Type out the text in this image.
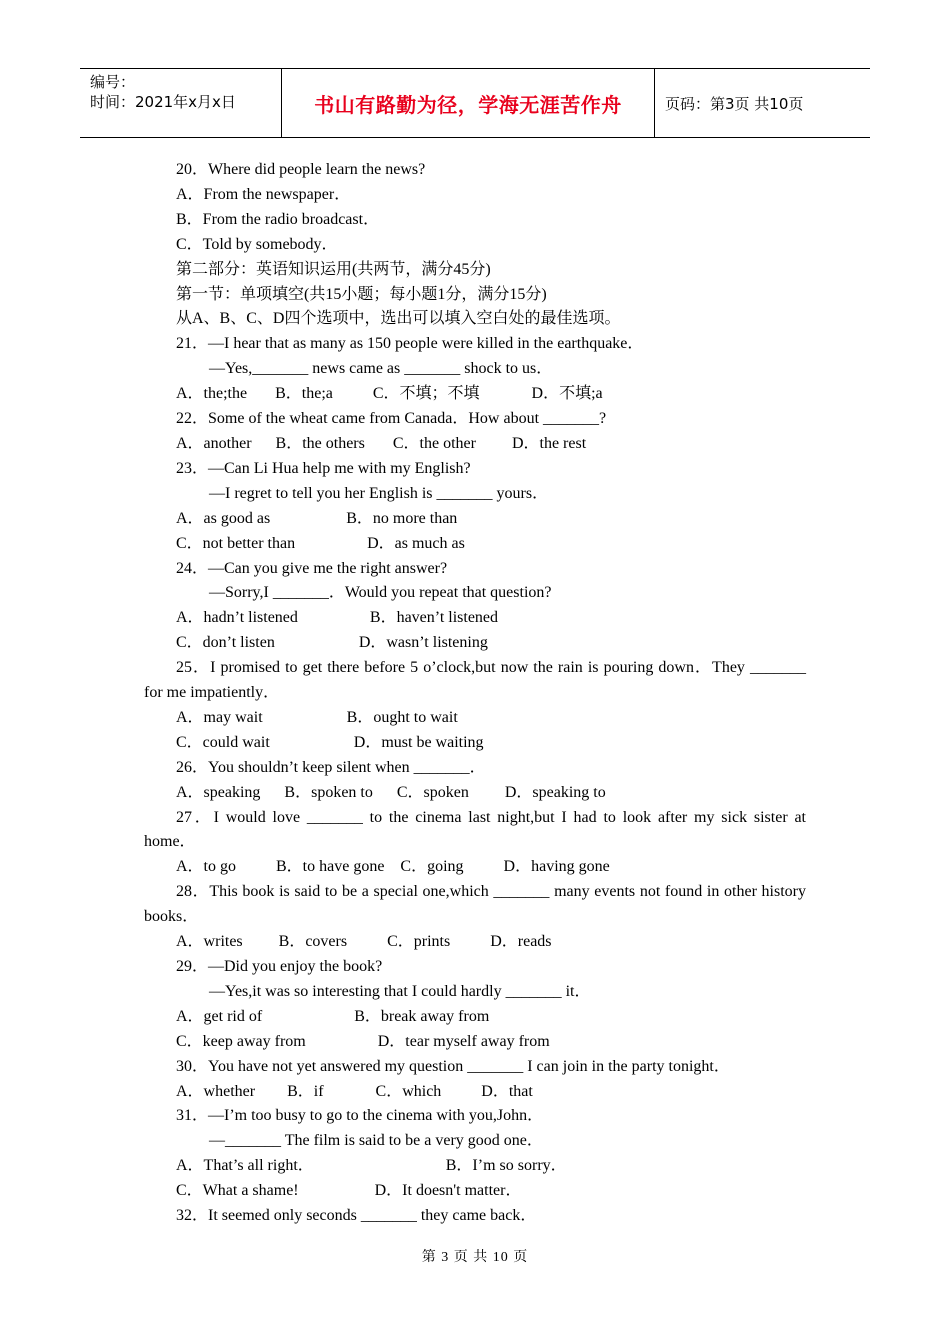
编号：
时间：2021年x月x日	书山有路勤为径，学海无涯苦作舟	页码：第3页 共10页
20．Where did people learn the news?
A．From the newspaper．
B．From the radio broadcast．
C．Told by somebody．
第二部分：英语知识运用(共两节，满分45分)
第一节：单项填空(共15小题；每小题1分，满分15分)
从A、B、C、D四个选项中，选出可以填入空白处的最佳选项。
21．—I hear that as many as 150 people were killed in the earthquake．
—Yes,_______ news came as _______ shock to us．
A．the;the       B．the;a          C．不填；不填             D．不填;a
22．Some of the wheat came from Canada．How about _______?
A．another      B．the others       C．the other         D．the rest
23．—Can Li Hua help me with my English?
—I regret to tell you her English is _______ yours．
A．as good as                   B．no more than
C．not better than                  D．as much as
24．—Can you give me the right answer?
—Sorry,I _______．Would you repeat that question?
A．hadn’t listened                  B．haven’t listened
C．don’t listen                     D．wasn’t listening
25．I promised to get there before 5 o’clock,but now the rain is pouring down．They _______ for me impatiently．
A．may wait                     B．ought to wait
C．could wait                     D．must be waiting
26．You shouldn’t keep silent when _______．
A．speaking      B．spoken to      C．spoken         D．speaking to
27．I would love _______ to the cinema last night,but I had to look after my sick sister at home．
A．to go          B．to have gone    C．going          D．having gone
28．This book is said to be a special one,which _______ many events not found in other history books．
A．writes         B．covers          C．prints          D．reads
29．—Did you enjoy the book?
—Yes,it was so interesting that I could hardly _______ it．
A．get rid of                       B．break away from
C．keep away from                  D．tear myself away from
30．You have not yet answered my question _______ I can join in the party tonight．
A．whether        B．if             C．which          D．that
31．—I’m too busy to go to the cinema with you,John．
—_______ The film is said to be a very good one．
A．That’s all right．                                 B．I’m so sorry．
C．What a shame!                   D．It doesn't matter．
32．It seemed only seconds _______ they came back．
第 3 页 共 10 页
